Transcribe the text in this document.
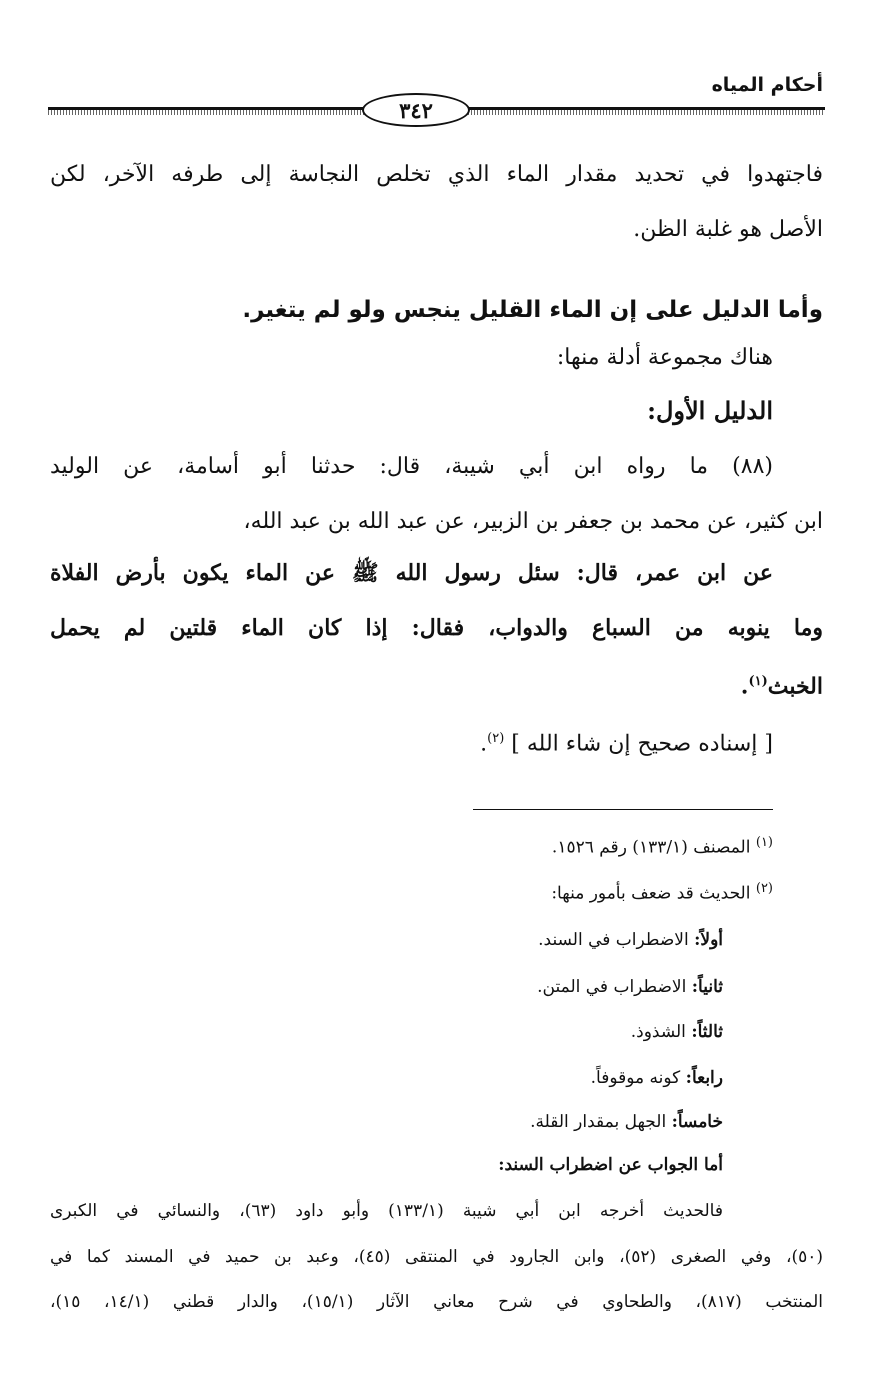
أحكام المياه
٣٤٢
فاجتهدوا في تحديد مقدار الماء الذي تخلص النجاسة إلى طرفه الآخر، لكن
الأصل هو غلبة الظن.
وأما الدليل على إن الماء القليل ينجس ولو لم يتغير.
هناك مجموعة أدلة منها:
الدليل الأول:
(٨٨) ما رواه ابن أبي شيبة، قال: حدثنا أبو أسامة، عن الوليد
ابن كثير، عن محمد بن جعفر بن الزبير، عن عبد الله بن عبد الله،
عن ابن عمر، قال: سئل رسول الله ﷺ عن الماء يكون بأرض الفلاة
وما ينوبه من السباع والدواب، فقال: إذا كان الماء قلتين لم يحمل
الخبث$^{(١)}$.
[ إسناده صحيح إن شاء الله ] $^{(٢)}$.
$^{(١)}$ المصنف (١٣٣/١) رقم ١٥٢٦.
$^{(٢)}$ الحديث قد ضعف بأمور منها:
أولاً: الاضطراب في السند.
ثانياً: الاضطراب في المتن.
ثالثاً: الشذوذ.
رابعاً: كونه موقوفاً.
خامساً: الجهل بمقدار القلة.
أما الجواب عن اضطراب السند:
فالحديث أخرجه ابن أبي شيبة (١٣٣/١) وأبو داود (٦٣)، والنسائي في الكبرى
(٥٠)، وفي الصغرى (٥٢)، وابن الجارود في المنتقى (٤٥)، وعبد بن حميد في المسند كما في
المنتخب (٨١٧)، والطحاوي في شرح معاني الآثار (١٥/١)، والدار قطني (١٤/١، ١٥)،
